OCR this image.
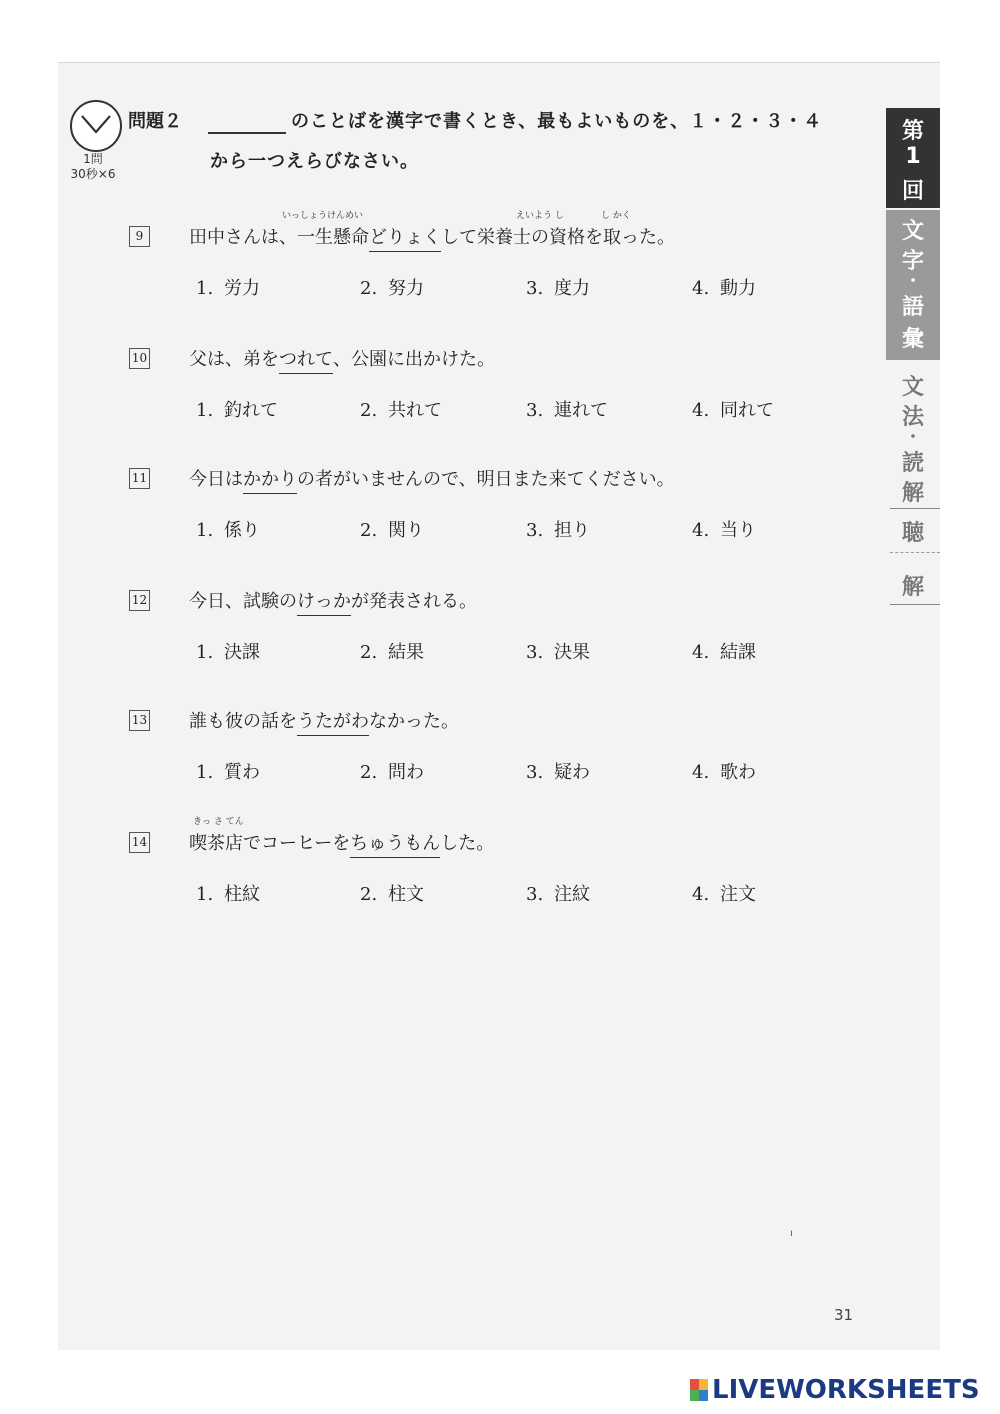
1問
30秒×6
問題２	のことばを漢字で書くとき、最もよいものを、１・２・３・４
から一つえらびなさい。
9
いっしょうけんめい	えいよう し	し かく
田中さんは、一生懸命どりょくして栄養士の資格を取った。
1. 労力	2. 努力	3. 度力	4. 動力
10 父は、弟をつれて、公園に出かけた。
1. 釣れて	2. 共れて	3. 連れて	4. 同れて
11 今日はかかりの者がいませんので、明日また来てください。
1. 係り	2. 関り	3. 担り	4. 当り
12 今日、試験のけっかが発表される。
1. 決課	2. 結果	3. 決果	4. 結課
13 誰も彼の話をうたがわなかった。
1. 質わ	2. 問わ	3. 疑わ	4. 歌わ
14
きっ さ てん
喫茶店でコーヒーをちゅうもんした。
1. 柱紋	2. 柱文	3. 注紋	4. 注文
第
1
回
文
字
・
語
彙
文
法
・
読
解
聴
解
ı
31
LIVEWORKSHEETS
